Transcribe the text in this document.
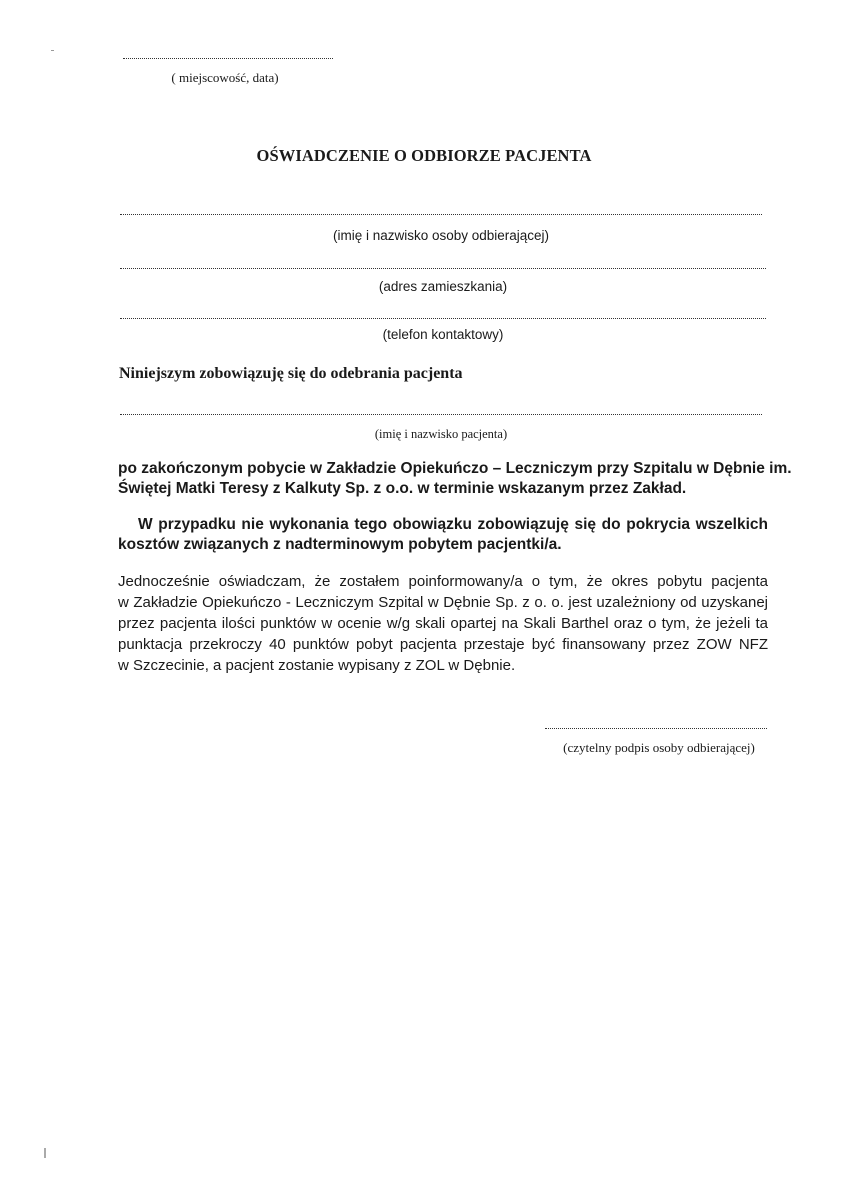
( miejscowość, data)
OŚWIADCZENIE O ODBIORZE PACJENTA
(imię i nazwisko osoby odbierającej)
(adres zamieszkania)
(telefon kontaktowy)
Niniejszym zobowiązuję się do odebrania pacjenta
(imię i nazwisko pacjenta)
po zakończonym pobycie w Zakładzie Opiekuńczo – Leczniczym przy Szpitalu w Dębnie im.
Świętej Matki Teresy z Kalkuty Sp. z o.o. w terminie wskazanym przez Zakład.
W przypadku nie wykonania tego obowiązku zobowiązuję się do pokrycia wszelkich
kosztów związanych z nadterminowym pobytem pacjentki/a.
Jednocześnie oświadczam, że zostałem poinformowany/a o tym, że okres pobytu pacjenta
w Zakładzie Opiekuńczo - Leczniczym Szpital w Dębnie Sp. z o. o. jest uzależniony od uzyskanej
przez pacjenta ilości punktów w ocenie w/g skali opartej na Skali Barthel oraz o tym, że jeżeli ta
punktacja przekroczy 40 punktów pobyt pacjenta przestaje być finansowany przez ZOW NFZ
w Szczecinie, a pacjent zostanie wypisany z ZOL w Dębnie.
(czytelny podpis osoby odbierającej)
